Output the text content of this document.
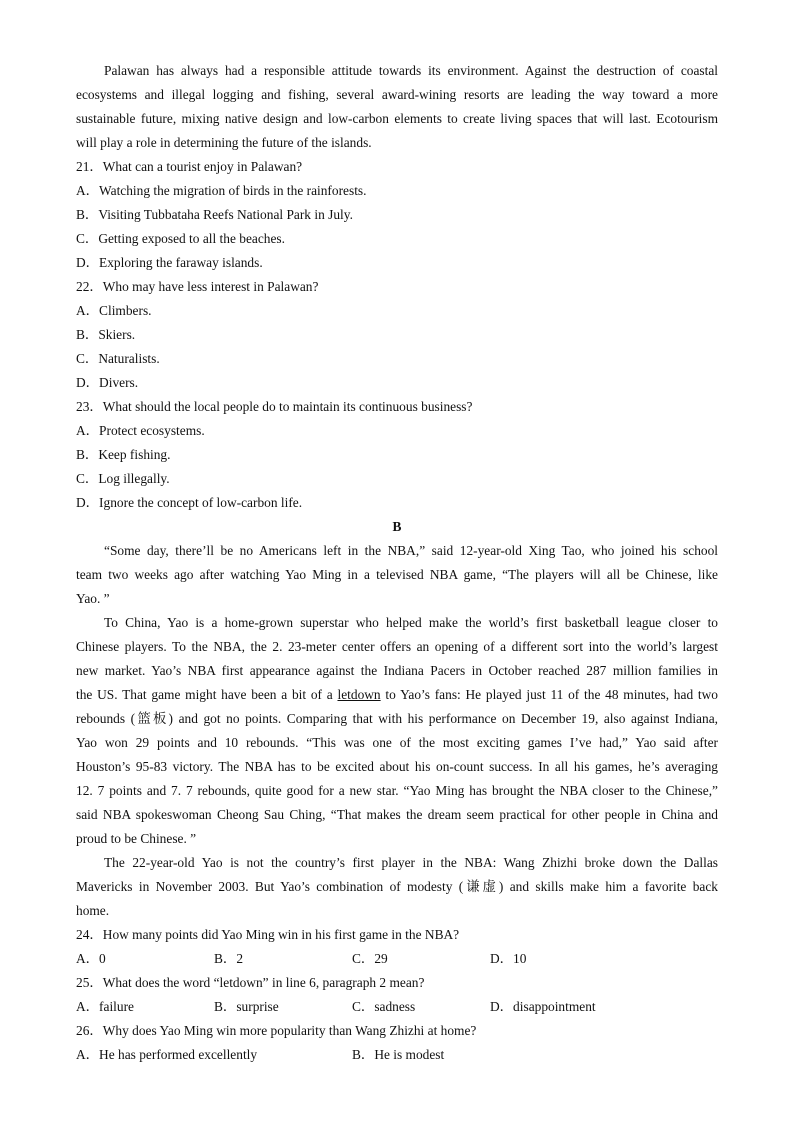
Palawan has always had a responsible attitude towards its environment. Against the destruction of coastal
ecosystems and illegal logging and fishing, several award-wining resorts are leading the way toward a more
sustainable future, mixing native design and low-carbon elements to create living spaces that will last. Ecotourism
will play a role in determining the future of the islands.
21．What can a tourist enjoy in Palawan?
A．Watching the migration of birds in the rainforests.
B．Visiting Tubbataha Reefs National Park in July.
C．Getting exposed to all the beaches.
D．Exploring the faraway islands.
22．Who may have less interest in Palawan?
A．Climbers.
B．Skiers.
C．Naturalists.
D．Divers.
23．What should the local people do to maintain its continuous business?
A．Protect ecosystems.
B．Keep fishing.
C．Log illegally.
D．Ignore the concept of low-carbon life.
B
“Some day, there’ll be no Americans left in the NBA,” said 12-year-old Xing Tao, who joined his school
team two weeks ago after watching Yao Ming in a televised NBA game, “The players will all be Chinese, like
Yao. ”
To China, Yao is a home-grown superstar who helped make the world’s first basketball league closer to
Chinese players. To the NBA, the 2. 23-meter center offers an opening of a different sort into the world’s largest
new market. Yao’s NBA first appearance against the Indiana Pacers in October reached 287 million families in
the US. That game might have been a bit of a letdown to Yao’s fans: He played just 11 of the 48 minutes, had two
rebounds (篮板) and got no points. Comparing that with his performance on December 19, also against Indiana,
Yao won 29 points and 10 rebounds. “This was one of the most exciting games I’ve had,” Yao said after
Houston’s 95-83 victory. The NBA has to be excited about his on-count success. In all his games, he’s averaging
12. 7 points and 7. 7 rebounds, quite good for a new star. “Yao Ming has brought the NBA closer to the Chinese,”
said NBA spokeswoman Cheong Sau Ching, “That makes the dream seem practical for other people in China and
proud to be Chinese. ”
The 22-year-old Yao is not the country’s first player in the NBA: Wang Zhizhi broke down the Dallas
Mavericks in November 2003. But Yao’s combination of modesty (谦虚) and skills make him a favorite back
home.
24．How many points did Yao Ming win in his first game in the NBA?
A．0	B．2	C．29	D．10
25．What does the word “letdown” in line 6, paragraph 2 mean?
A．failure	B．surprise	C．sadness	D．disappointment
26．Why does Yao Ming win more popularity than Wang Zhizhi at home?
A．He has performed excellently	B．He is modest
